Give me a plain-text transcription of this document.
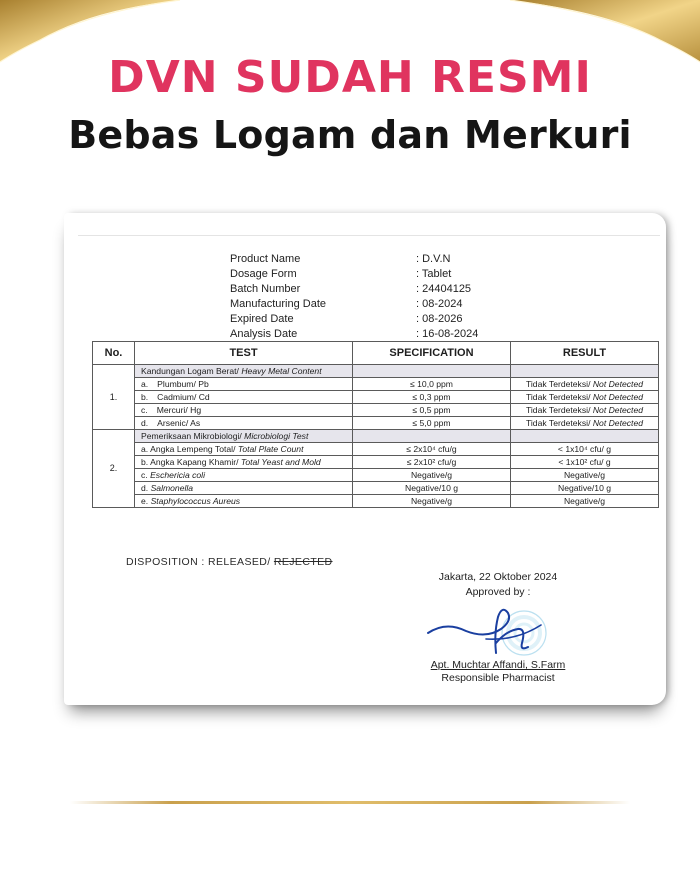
DVN SUDAH RESMI
Bebas Logam dan Merkuri
Product Name	: D.V.N
Dosage Form	: Tablet
Batch Number	: 24404125
Manufacturing Date	: 08-2024
Expired Date	: 08-2026
Analysis Date	: 16-08-2024
No.	TEST	SPECIFICATION	RESULT
1.	Kandungan Logam Berat/ Heavy Metal Content		
	a. Plumbum/ Pb	≤ 10,0 ppm	Tidak Terdeteksi/ Not Detected
	b. Cadmium/ Cd	≤ 0,3 ppm	Tidak Terdeteksi/ Not Detected
	c. Mercuri/ Hg	≤ 0,5 ppm	Tidak Terdeteksi/ Not Detected
	d. Arsenic/ As	≤ 5,0 ppm	Tidak Terdeteksi/ Not Detected
2.	Pemeriksaan Mikrobiologi/ Microbiologi Test		
	a. Angka Lempeng Total/ Total Plate Count	≤ 2x10⁴ cfu/g	< 1x10⁴ cfu/ g
	b. Angka Kapang Khamir/ Total Yeast and Mold	≤ 2x10² cfu/g	< 1x10² cfu/ g
	c. Eschericia coli	Negative/g	Negative/g
	d. Salmonella	Negative/10 g	Negative/10 g
	e. Staphylococcus Aureus	Negative/g	Negative/g
DISPOSITION : RELEASED/ REJECTED
Jakarta, 22 Oktober 2024
Approved by :
Apt. Muchtar Affandi, S.Farm
Responsible Pharmacist
